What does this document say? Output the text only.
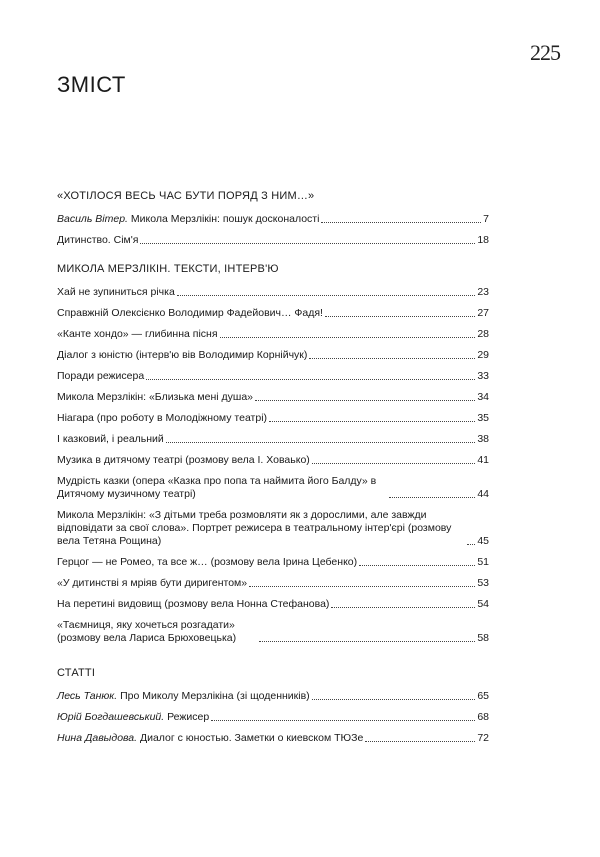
225
ЗМІСТ
«ХОТІЛОСЯ ВЕСЬ ЧАС БУТИ ПОРЯД З НИМ…»
Василь Вітер. Микола Мерзлікін: пошук досконалості	7
Дитинство. Сім'я	18
МИКОЛА МЕРЗЛІКІН. ТЕКСТИ, ІНТЕРВ'Ю
Хай не зупиниться річка	23
Справжній Олексієнко Володимир Фадейович… Фадя!	27
«Канте хондо» — глибинна пісня	28
Діалог з юністю (інтерв'ю вів Володимир Корнійчук)	29
Поради режисера	33
Микола Мерзлікін: «Близька мені душа»	34
Ніагара (про роботу в Молодіжному театрі)	35
І казковий, і реальний	38
Музика в дитячому театрі (розмову вела І. Ховаько)	41
Мудрість казки (опера «Казка про попа та наймита його Балду» в Дитячому музичному театрі)	44
Микола Мерзлікін: «З дітьми треба розмовляти як з дорослими, але завжди відповідати за свої слова». Портрет режисера в театральному інтер'єрі (розмову вела Тетяна Рощина)	45
Герцог — не Ромео, та все ж… (розмову вела Ірина Цебенко)	51
«У дитинстві я мріяв бути диригентом»	53
На перетині видовищ (розмову вела Нонна Стефанова)	54
«Таємниця, яку хочеться розгадати» (розмову вела Лариса Брюховецька)	58
СТАТТІ
Лесь Танюк. Про Миколу Мерзлікіна (зі щоденників)	65
Юрій Богдашевський. Режисер	68
Нина Давыдова. Диалог с юностью. Заметки о киевском ТЮЗе	72
